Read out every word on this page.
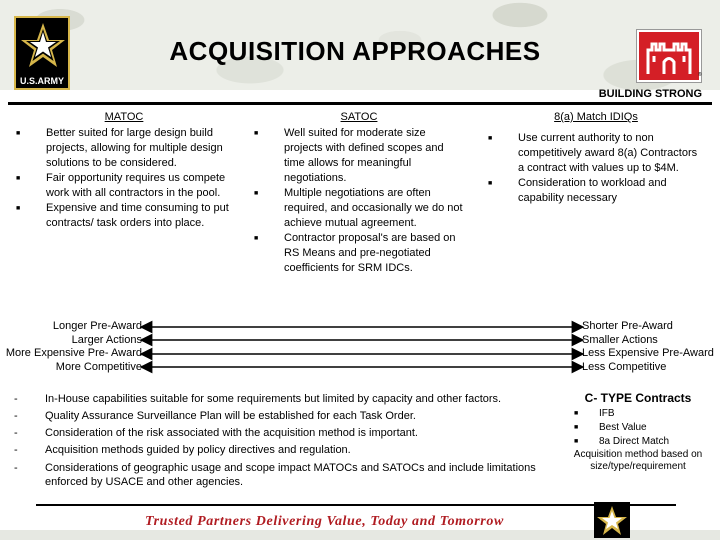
U.S.ARMY
ACQUISITION APPROACHES
®
BUILDING STRONG
MATOC
■ Better suited for large design build projects, allowing for multiple design solutions to be considered.
■ Fair opportunity requires us compete work with all contractors in the pool.
■ Expensive and time consuming to put contracts/ task orders into place.
SATOC
■ Well suited for moderate size projects with defined scopes and time allows for meaningful negotiations.
■ Multiple negotiations are often required, and occasionally we do not achieve mutual agreement.
■ Contractor proposal's are based on RS Means and pre-negotiated coefficients for SRM IDCs.
8(a) Match IDIQs
■ Use current authority to non competitively award 8(a) Contractors a contract with values up to $4M.
■ Consideration to workload and capability necessary
Longer Pre-Award
Larger Actions
More Expensive Pre- Award
More Competitive
Shorter Pre-Award
Smaller Actions
Less Expensive Pre-Award
Less Competitive
- In-House capabilities suitable for some requirements but limited by capacity and other factors.
- Quality Assurance Surveillance Plan will be established for each Task Order.
- Consideration of the risk associated with the acquisition method is important.
- Acquisition methods guided by policy directives and regulation.
- Considerations of geographic usage and scope impact MATOCs and SATOCs and include limitations enforced by USACE and other agencies.
C- TYPE Contracts
■ IFB
■ Best Value
■ 8a Direct Match
Acquisition method based on size/type/requirement
Trusted Partners Delivering Value, Today and Tomorrow
